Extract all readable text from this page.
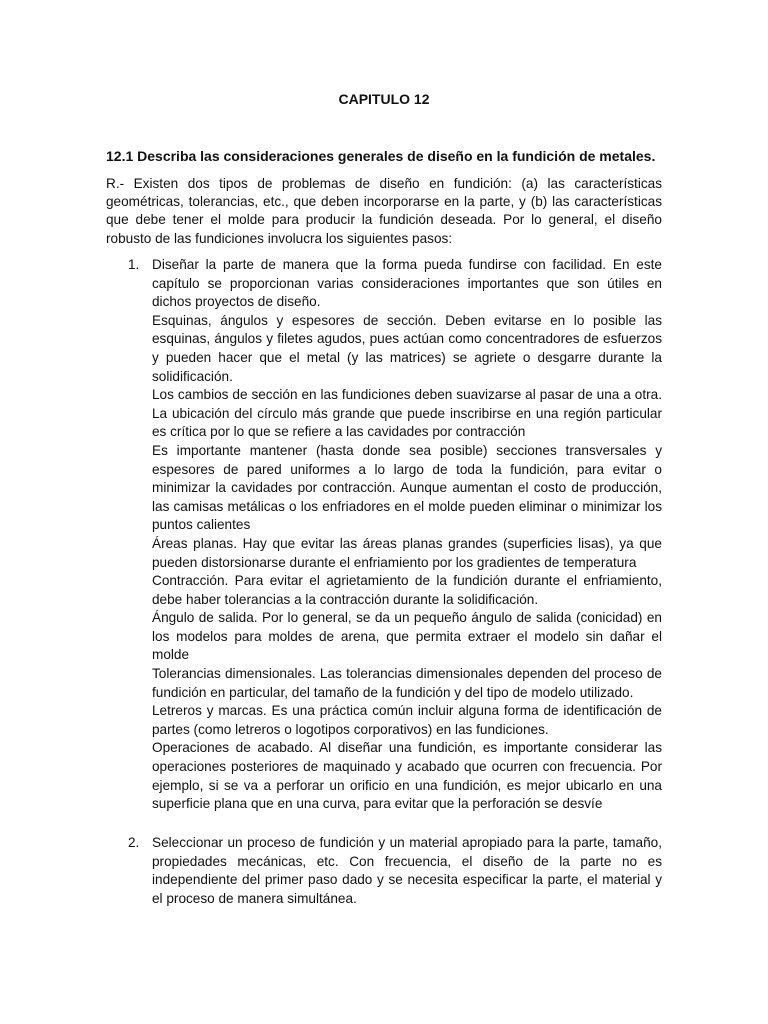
CAPITULO 12
12.1 Describa las consideraciones generales de diseño en la fundición de metales.
R.- Existen dos tipos de problemas de diseño en fundición: (a) las características geométricas, tolerancias, etc., que deben incorporarse en la parte, y (b) las características que debe tener el molde para producir la fundición deseada. Por lo general, el diseño robusto de las fundiciones involucra los siguientes pasos:
1. Diseñar la parte de manera que la forma pueda fundirse con facilidad. En este capítulo se proporcionan varias consideraciones importantes que son útiles en dichos proyectos de diseño.

Esquinas, ángulos y espesores de sección. Deben evitarse en lo posible las esquinas, ángulos y filetes agudos, pues actúan como concentradores de esfuerzos y pueden hacer que el metal (y las matrices) se agriete o desgarre durante la solidificación.

Los cambios de sección en las fundiciones deben suavizarse al pasar de una a otra. La ubicación del círculo más grande que puede inscribirse en una región particular es crítica por lo que se refiere a las cavidades por contracción

Es importante mantener (hasta donde sea posible) secciones transversales y espesores de pared uniformes a lo largo de toda la fundición, para evitar o minimizar la cavidades por contracción. Aunque aumentan el costo de producción, las camisas metálicas o los enfriadores en el molde pueden eliminar o minimizar los puntos calientes

Áreas planas. Hay que evitar las áreas planas grandes (superficies lisas), ya que pueden distorsionarse durante el enfriamiento por los gradientes de temperatura

Contracción. Para evitar el agrietamiento de la fundición durante el enfriamiento, debe haber tolerancias a la contracción durante la solidificación.

Ángulo de salida. Por lo general, se da un pequeño ángulo de salida (conicidad) en los modelos para moldes de arena, que permita extraer el modelo sin dañar el molde

Tolerancias dimensionales. Las tolerancias dimensionales dependen del proceso de fundición en particular, del tamaño de la fundición y del tipo de modelo utilizado.

Letreros y marcas. Es una práctica común incluir alguna forma de identificación de partes (como letreros o logotipos corporativos) en las fundiciones.

Operaciones de acabado. Al diseñar una fundición, es importante considerar las operaciones posteriores de maquinado y acabado que ocurren con frecuencia. Por ejemplo, si se va a perforar un orificio en una fundición, es mejor ubicarlo en una superficie plana que en una curva, para evitar que la perforación se desvíe

2. Seleccionar un proceso de fundición y un material apropiado para la parte, tamaño, propiedades mecánicas, etc. Con frecuencia, el diseño de la parte no es independiente del primer paso dado y se necesita especificar la parte, el material y el proceso de manera simultánea.
